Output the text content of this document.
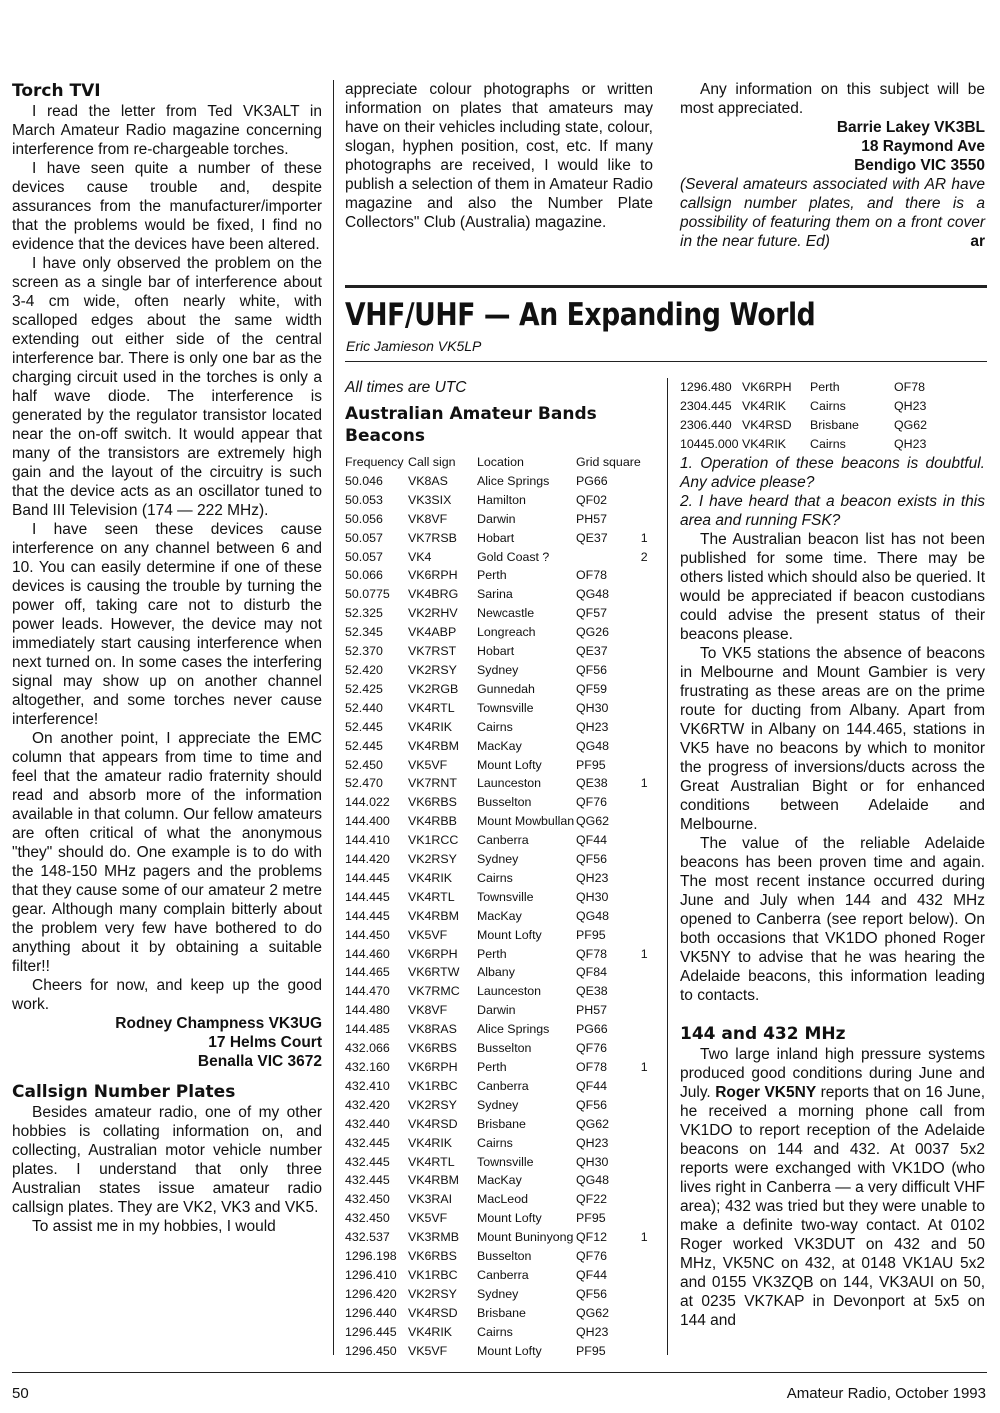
Torch TVI

I read the letter from Ted VK3ALT in March Amateur Radio magazine concerning interference from re-chargeable torches.

I have seen quite a number of these devices cause trouble and, despite assurances from the manufacturer/importer that the problems would be fixed, I find no evidence that the devices have been altered.

I have only observed the problem on the screen as a single bar of interference about 3-4 cm wide, often nearly white, with scalloped edges about the same width extending out either side of the central interference bar. There is only one bar as the charging circuit used in the torches is only a half wave diode. The interference is generated by the regulator transistor located near the on-off switch. It would appear that many of the transistors are extremely high gain and the layout of the circuitry is such that the device acts as an oscillator tuned to Band III Television (174 — 222 MHz).

I have seen these devices cause interference on any channel between 6 and 10. You can easily determine if one of these devices is causing the trouble by turning the power off, taking care not to disturb the power leads. However, the device may not immediately start causing interference when next turned on. In some cases the interfering signal may show up on another channel altogether, and some torches never cause interference!

On another point, I appreciate the EMC column that appears from time to time and feel that the amateur radio fraternity should read and absorb more of the information available in that column. Our fellow amateurs are often critical of what the anonymous "they" should do. One example is to do with the 148-150 MHz pagers and the problems that they cause some of our amateur 2 metre gear. Although many complain bitterly about the problem very few have bothered to do anything about it by obtaining a suitable filter!!

Cheers for now, and keep up the good work.

Rodney Champness VK3UG
17 Helms Court
Benalla VIC 3672
Callsign Number Plates

Besides amateur radio, one of my other hobbies is collating information on, and collecting, Australian motor vehicle number plates. I understand that only three Australian states issue amateur radio callsign plates. They are VK2, VK3 and VK5.

To assist me in my hobbies, I would

appreciate colour photographs or written information on plates that amateurs may have on their vehicles including state, colour, slogan, hyphen position, cost, etc. If many photographs are received, I would like to publish a selection of them in Amateur Radio magazine and also the Number Plate Collectors" Club (Australia) magazine.

Any information on this subject will be most appreciated.

Barrie Lakey VK3BL
18 Raymond Ave
Bendigo VIC 3550

(Several amateurs associated with AR have callsign number plates, and there is a possibility of featuring them on a front cover in the near future. Ed)	ar
VHF/UHF — An Expanding World
Eric Jamieson VK5LP

All times are UTC

Australian Amateur Bands Beacons
Frequency	Call sign	Location	Grid square	
50.046	VK8AS	Alice Springs	PG66	
50.053	VK3SIX	Hamilton	QF02	
50.056	VK8VF	Darwin	PH57	
50.057	VK7RSB	Hobart	QE37	1
50.057	VK4	Gold Coast ?		2
50.066	VK6RPH	Perth	OF78	
50.0775	VK4BRG	Sarina	QG48	
52.325	VK2RHV	Newcastle	QF57	
52.345	VK4ABP	Longreach	QG26	
52.370	VK7RST	Hobart	QE37	
52.420	VK2RSY	Sydney	QF56	
52.425	VK2RGB	Gunnedah	QF59	
52.440	VK4RTL	Townsville	QH30	
52.445	VK4RIK	Cairns	QH23	
52.445	VK4RBM	MacKay	QG48	
52.450	VK5VF	Mount Lofty	PF95	
52.470	VK7RNT	Launceston	QE38	1
144.022	VK6RBS	Busselton	QF76	
144.400	VK4RBB	Mount Mowbullan	QG62	
144.410	VK1RCC	Canberra	QF44	
144.420	VK2RSY	Sydney	QF56	
144.445	VK4RIK	Cairns	QH23	
144.445	VK4RTL	Townsville	QH30	
144.445	VK4RBM	MacKay	QG48	
144.450	VK5VF	Mount Lofty	PF95	
144.460	VK6RPH	Perth	QF78	1
144.465	VK6RTW	Albany	QF84	
144.470	VK7RMC	Launceston	QE38	
144.480	VK8VF	Darwin	PH57	
144.485	VK8RAS	Alice Springs	PG66	
432.066	VK6RBS	Busselton	QF76	
432.160	VK6RPH	Perth	OF78	1
432.410	VK1RBC	Canberra	QF44	
432.420	VK2RSY	Sydney	QF56	
432.440	VK4RSD	Brisbane	QG62	
432.445	VK4RIK	Cairns	QH23	
432.445	VK4RTL	Townsville	QH30	
432.445	VK4RBM	MacKay	QG48	
432.450	VK3RAI	MacLeod	QF22	
432.450	VK5VF	Mount Lofty	PF95	
432.537	VK3RMB	Mount Buninyong	QF12	1
1296.198	VK6RBS	Busselton	QF76	
1296.410	VK1RBC	Canberra	QF44	
1296.420	VK2RSY	Sydney	QF56	
1296.440	VK4RSD	Brisbane	QG62	
1296.445	VK4RIK	Cairns	QH23	
1296.450	VK5VF	Mount Lofty	PF95	
1296.480	VK6RPH	Perth	OF78	
2304.445	VK4RIK	Cairns	QH23	
2306.440	VK4RSD	Brisbane	QG62	
10445.000	VK4RIK	Cairns	QH23	

1. Operation of these beacons is doubtful. Any advice please?

2. I have heard that a beacon exists in this area and running FSK?

The Australian beacon list has not been published for some time. There may be others listed which should also be queried. It would be appreciated if beacon custodians could advise the present status of their beacons please.

To VK5 stations the absence of beacons in Melbourne and Mount Gambier is very frustrating as these areas are on the prime route for ducting from Albany. Apart from VK6RTW in Albany on 144.465, stations in VK5 have no beacons by which to monitor the progress of inversions/ducts across the Great Australian Bight or for enhanced conditions between Adelaide and Melbourne.

The value of the reliable Adelaide beacons has been proven time and again. The most recent instance occurred during June and July when 144 and 432 MHz opened to Canberra (see report below). On both occasions that VK1DO phoned Roger VK5NY to advise that he was hearing the Adelaide beacons, this information leading to contacts.

144 and 432 MHz

Two large inland high pressure systems produced good conditions during June and July. Roger VK5NY reports that on 16 June, he received a morning phone call from VK1DO to report reception of the Adelaide beacons on 144 and 432. At 0037 5x2 reports were exchanged with VK1DO (who lives right in Canberra — a very difficult VHF area); 432 was tried but they were unable to make a definite two-way contact. At 0102 Roger worked VK3DUT on 432 and 50 MHz, VK5NC on 432, at 0148 VK1AU 5x2 and 0155 VK3ZQB on 144, VK3AUI on 50, at 0235 VK7KAP in Devonport at 5x5 on 144 and

50	Amateur Radio, October 1993
